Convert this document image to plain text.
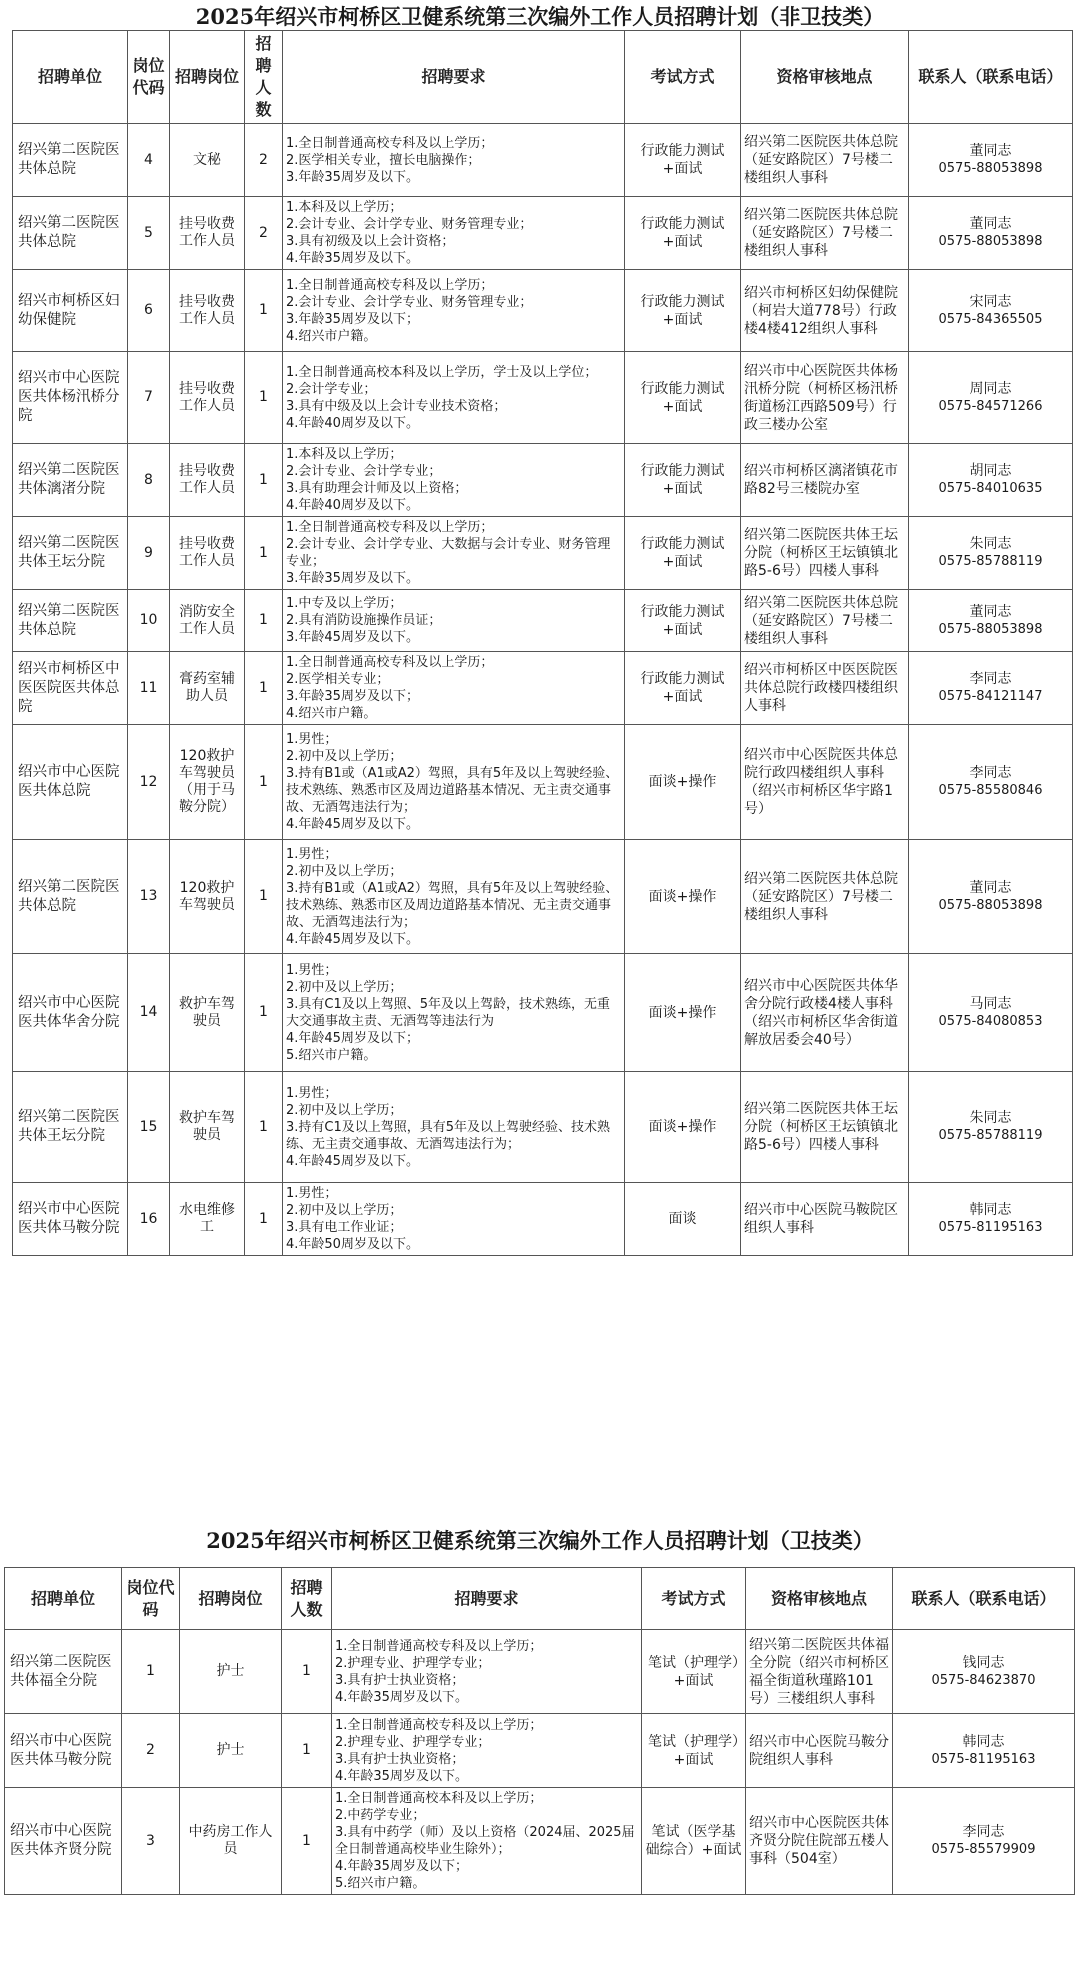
2025年绍兴市柯桥区卫健系统第三次编外工作人员招聘计划（非卫技类）
招聘单位	岗位代码	招聘岗位	招聘人数	招聘要求	考试方式	资格审核地点	联系人（联系电话）
绍兴第二医院医共体总院	4	文秘	2	1.全日制普通高校专科及以上学历；
2.医学相关专业，擅长电脑操作；
3.年龄35周岁及以下。	行政能力测试+面试	绍兴第二医院医共体总院（延安路院区）7号楼二楼组织人事科	董同志
0575-88053898

绍兴第二医院医共体总院	5	挂号收费工作人员	2	1.本科及以上学历；
2.会计专业、会计学专业、财务管理专业；
3.具有初级及以上会计资格；
4.年龄35周岁及以下。	行政能力测试+面试	绍兴第二医院医共体总院（延安路院区）7号楼二楼组织人事科	董同志
0575-88053898

绍兴市柯桥区妇幼保健院	6	挂号收费工作人员	1	1.全日制普通高校专科及以上学历；
2.会计专业、会计学专业、财务管理专业；
3.年龄35周岁及以下；
4.绍兴市户籍。	行政能力测试+面试	绍兴市柯桥区妇幼保健院（柯岩大道778号）行政楼4楼412组织人事科	宋同志
0575-84365505

绍兴市中心医院医共体杨汛桥分院	7	挂号收费工作人员	1	1.全日制普通高校本科及以上学历，学士及以上学位；
2.会计学专业；
3.具有中级及以上会计专业技术资格；
4.年龄40周岁及以下。	行政能力测试+面试	绍兴市中心医院医共体杨汛桥分院（柯桥区杨汛桥街道杨江西路509号）行政三楼办公室	周同志
0575-84571266

绍兴第二医院医共体漓渚分院	8	挂号收费工作人员	1	1.本科及以上学历；
2.会计专业、会计学专业；
3.具有助理会计师及以上资格；
4.年龄40周岁及以下。	行政能力测试+面试	绍兴市柯桥区漓渚镇花市路82号三楼院办室	胡同志
0575-84010635

绍兴第二医院医共体王坛分院	9	挂号收费工作人员	1	1.全日制普通高校专科及以上学历；
2.会计专业、会计学专业、大数据与会计专业、财务管理专业；
3.年龄35周岁及以下。	行政能力测试+面试	绍兴第二医院医共体王坛分院（柯桥区王坛镇镇北路5-6号）四楼人事科	朱同志
0575-85788119

绍兴第二医院医共体总院	10	消防安全工作人员	1	1.中专及以上学历；
2.具有消防设施操作员证；
3.年龄45周岁及以下。	行政能力测试+面试	绍兴第二医院医共体总院（延安路院区）7号楼二楼组织人事科	董同志
0575-88053898

绍兴市柯桥区中医医院医共体总院	11	膏药室辅助人员	1	1.全日制普通高校专科及以上学历；
2.医学相关专业；
3.年龄35周岁及以下；
4.绍兴市户籍。	行政能力测试+面试	绍兴市柯桥区中医医院医共体总院行政楼四楼组织人事科	李同志
0575-84121147

绍兴市中心医院医共体总院	12	120救护车驾驶员（用于马鞍分院）	1	1.男性；
2.初中及以上学历；
3.持有B1或（A1或A2）驾照，具有5年及以上驾驶经验、技术熟练、熟悉市区及周边道路基本情况、无主责交通事故、无酒驾违法行为；
4.年龄45周岁及以下。	面谈+操作	绍兴市中心医院医共体总院行政四楼组织人事科（绍兴市柯桥区华宇路1号）	李同志
0575-85580846

绍兴第二医院医共体总院	13	120救护车驾驶员	1	1.男性；
2.初中及以上学历；
3.持有B1或（A1或A2）驾照，具有5年及以上驾驶经验、技术熟练、熟悉市区及周边道路基本情况、无主责交通事故、无酒驾违法行为；
4.年龄45周岁及以下。	面谈+操作	绍兴第二医院医共体总院（延安路院区）7号楼二楼组织人事科	董同志
0575-88053898

绍兴市中心医院医共体华舍分院	14	救护车驾驶员	1	1.男性；
2.初中及以上学历；
3.具有C1及以上驾照、5年及以上驾龄，技术熟练，无重大交通事故主责、无酒驾等违法行为
4.年龄45周岁及以下；
5.绍兴市户籍。	面谈+操作	绍兴市中心医院医共体华舍分院行政楼4楼人事科（绍兴市柯桥区华舍街道解放居委会40号）	马同志
0575-84080853

绍兴第二医院医共体王坛分院	15	救护车驾驶员	1	1.男性；
2.初中及以上学历；
3.持有C1及以上驾照，具有5年及以上驾驶经验、技术熟练、无主责交通事故、无酒驾违法行为；
4.年龄45周岁及以下。	面谈+操作	绍兴第二医院医共体王坛分院（柯桥区王坛镇镇北路5-6号）四楼人事科	朱同志
0575-85788119

绍兴市中心医院医共体马鞍分院	16	水电维修工	1	1.男性；
2.初中及以上学历；
3.具有电工作业证；
4.年龄50周岁及以下。	面谈	绍兴市中心医院马鞍院区组织人事科	韩同志
0575-81195163
2025年绍兴市柯桥区卫健系统第三次编外工作人员招聘计划（卫技类）
招聘单位	岗位代码	招聘岗位	招聘人数	招聘要求	考试方式	资格审核地点	联系人（联系电话）
绍兴第二医院医共体福全分院	1	护士	1	1.全日制普通高校专科及以上学历；
2.护理专业、护理学专业；
3.具有护士执业资格；
4.年龄35周岁及以下。	笔试（护理学）+面试	绍兴第二医院医共体福全分院（绍兴市柯桥区福全街道秋瑾路101号）三楼组织人事科	钱同志
0575-84623870

绍兴市中心医院医共体马鞍分院	2	护士	1	1.全日制普通高校专科及以上学历；
2.护理专业、护理学专业；
3.具有护士执业资格；
4.年龄35周岁及以下。	笔试（护理学）+面试	绍兴市中心医院马鞍分院组织人事科	韩同志
0575-81195163

绍兴市中心医院医共体齐贤分院	3	中药房工作人员	1	1.全日制普通高校本科及以上学历；
2.中药学专业；
3.具有中药学（师）及以上资格（2024届、2025届全日制普通高校毕业生除外）；
4.年龄35周岁及以下；
5.绍兴市户籍。	笔试（医学基础综合）+面试	绍兴市中心医院医共体齐贤分院住院部五楼人事科（504室）	李同志
0575-85579909
